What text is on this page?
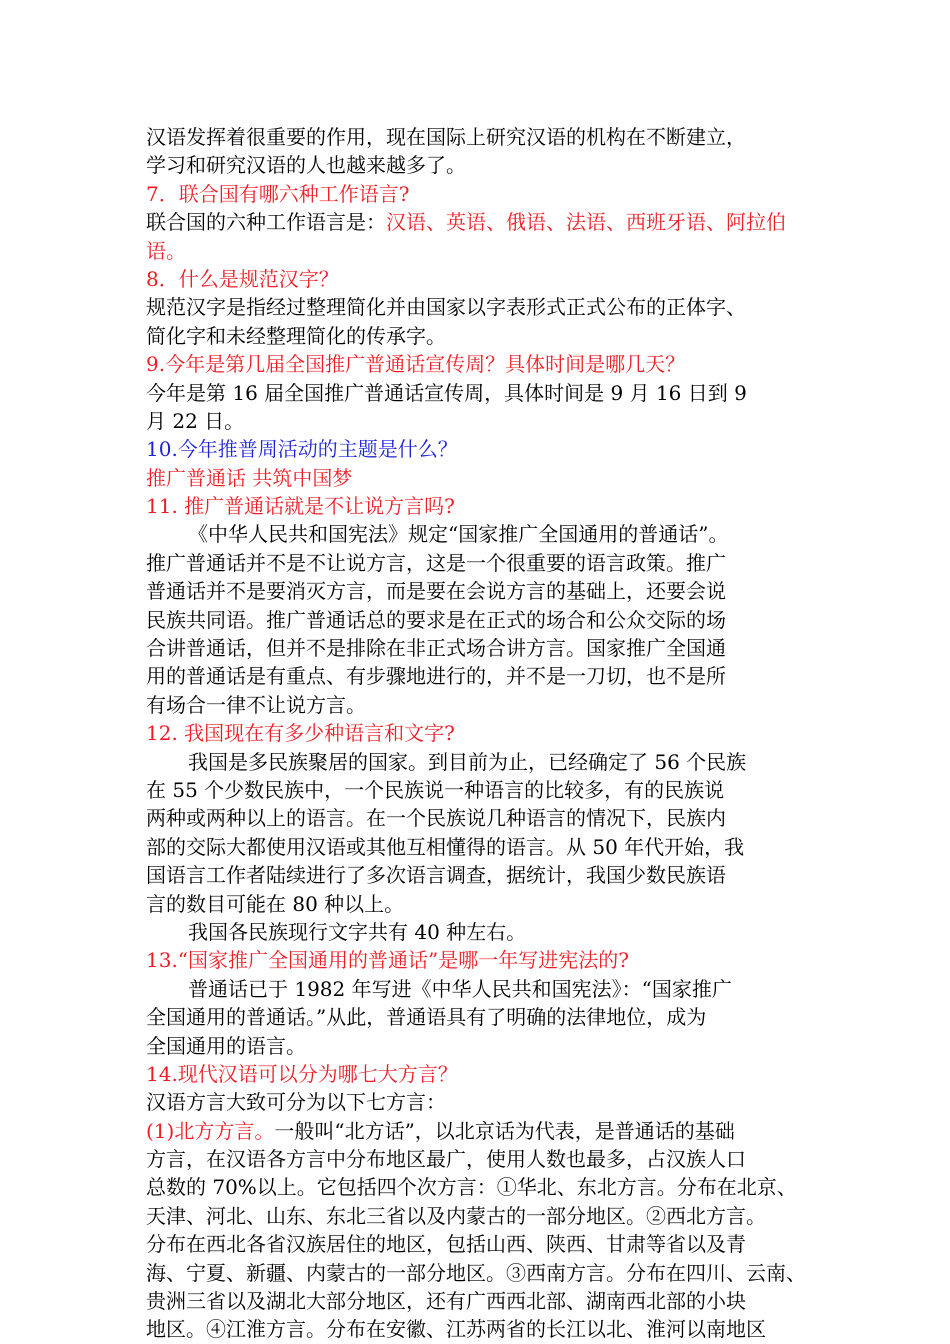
汉语发挥着很重要的作用，现在国际上研究汉语的机构在不断建立，
学习和研究汉语的人也越来越多了。
7．联合国有哪六种工作语言?
联合国的六种工作语言是：汉语、英语、俄语、法语、西班牙语、阿拉伯
语。
8．什么是规范汉字？
规范汉字是指经过整理简化并由国家以字表形式正式公布的正体字、
简化字和未经整理简化的传承字。
9.今年是第几届全国推广普通话宣传周？具体时间是哪几天？
今年是第 16 届全国推广普通话宣传周，具体时间是 9 月 16 日到 9
月 22 日。
10.今年推普周活动的主题是什么？
推广普通话 共筑中国梦
11. 推广普通话就是不让说方言吗?
《中华人民共和国宪法》规定“国家推广全国通用的普通话”。
推广普通话并不是不让说方言，这是一个很重要的语言政策。推广
普通话并不是要消灭方言，而是要在会说方言的基础上，还要会说
民族共同语。推广普通话总的要求是在正式的场合和公众交际的场
合讲普通话，但并不是排除在非正式场合讲方言。国家推广全国通
用的普通话是有重点、有步骤地进行的，并不是一刀切，也不是所
有场合一律不让说方言。
12. 我国现在有多少种语言和文字?
我国是多民族聚居的国家。到目前为止，已经确定了 56 个民族
在 55 个少数民族中，一个民族说一种语言的比较多，有的民族说
两种或两种以上的语言。在一个民族说几种语言的情况下，民族内
部的交际大都使用汉语或其他互相懂得的语言。从 50 年代开始，我
国语言工作者陆续进行了多次语言调查，据统计，我国少数民族语
言的数目可能在 80 种以上。
我国各民族现行文字共有 40 种左右。
13.“国家推广全国通用的普通话”是哪一年写进宪法的?
普通话已于 1982 年写进《中华人民共和国宪法》：“国家推广
全国通用的普通话。”从此，普通语具有了明确的法律地位，成为
全国通用的语言。
14.现代汉语可以分为哪七大方言？
汉语方言大致可分为以下七方言：
(1)北方方言。一般叫“北方话”，以北京话为代表，是普通话的基础
方言，在汉语各方言中分布地区最广，使用人数也最多，占汉族人口
总数的 70%以上。它包括四个次方言：①华北、东北方言。分布在北京、
天津、河北、山东、东北三省以及内蒙古的一部分地区。②西北方言。
分布在西北各省汉族居住的地区，包括山西、陕西、甘肃等省以及青
海、宁夏、新疆、内蒙古的一部分地区。③西南方言。分布在四川、云南、
贵洲三省以及湖北大部分地区，还有广西西北部、湖南西北部的小块
地区。④江淮方言。分布在安徽、江苏两省的长江以北、淮河以南地区
